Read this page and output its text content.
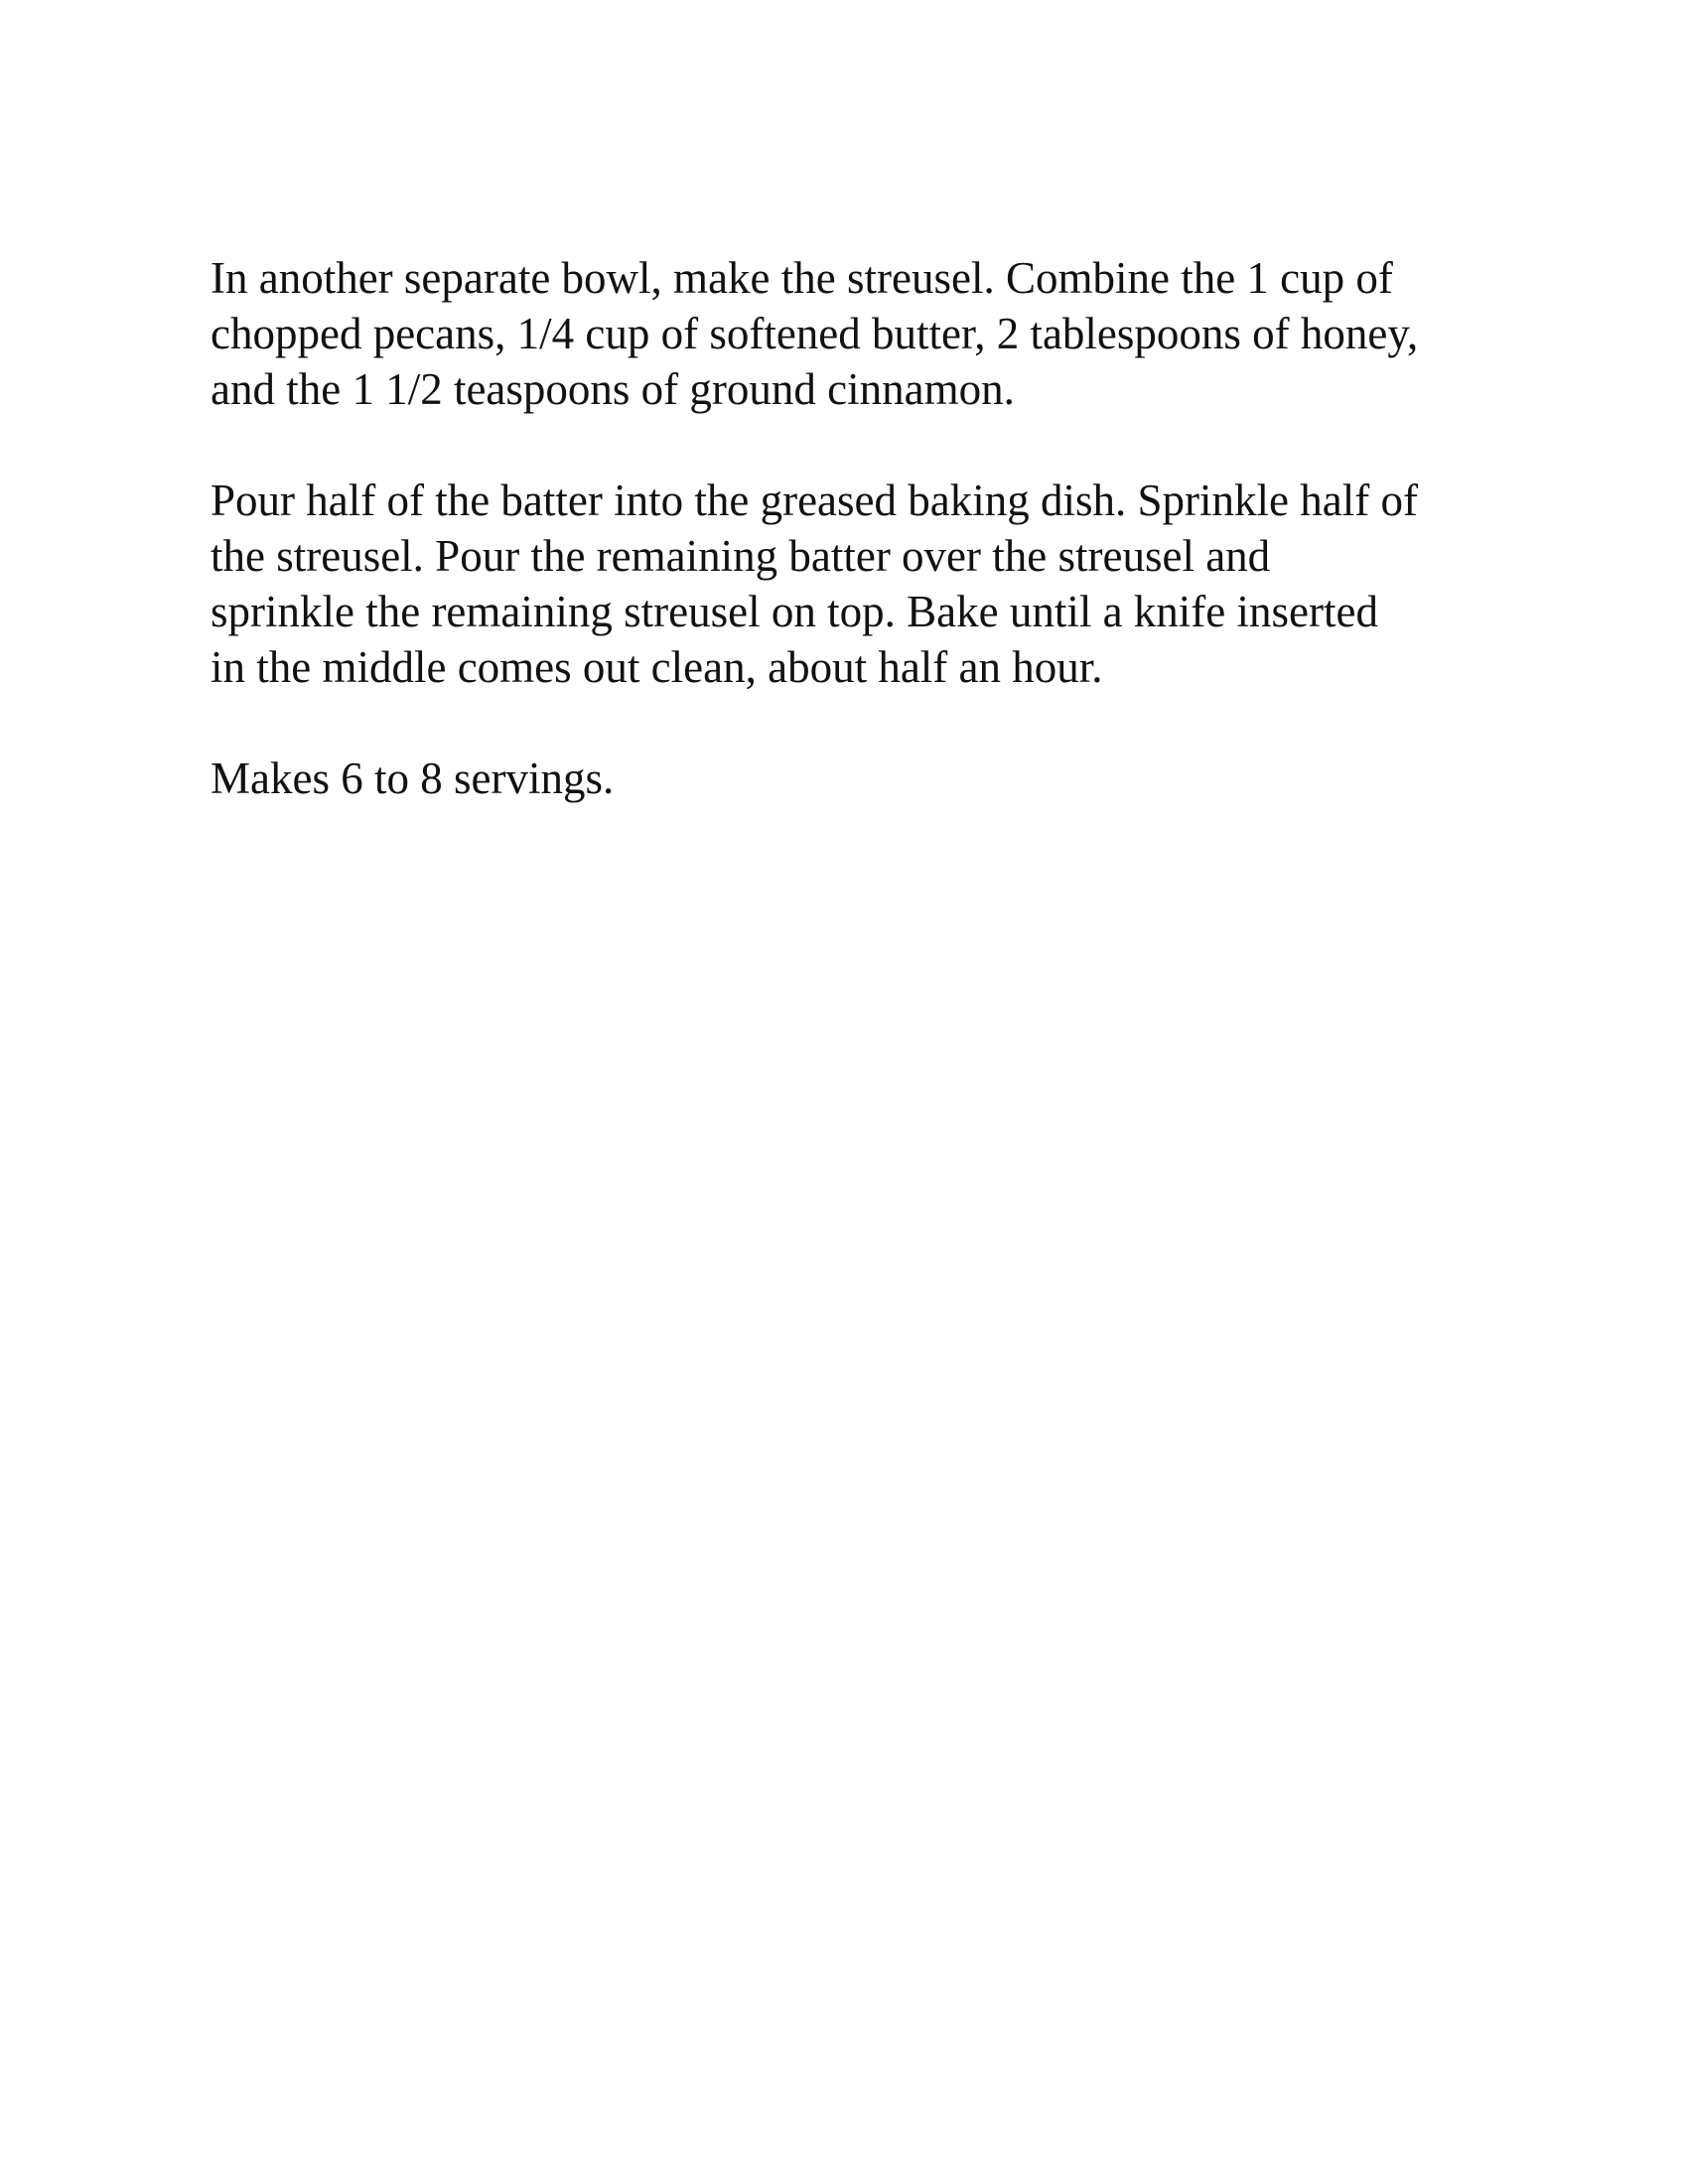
In another separate bowl, make the streusel. Combine the 1 cup of
chopped pecans, 1/4 cup of softened butter, 2 tablespoons of honey,
and the 1 1/2 teaspoons of ground cinnamon.

Pour half of the batter into the greased baking dish. Sprinkle half of
the streusel. Pour the remaining batter over the streusel and
sprinkle the remaining streusel on top. Bake until a knife inserted
in the middle comes out clean, about half an hour.

Makes 6 to 8 servings.
